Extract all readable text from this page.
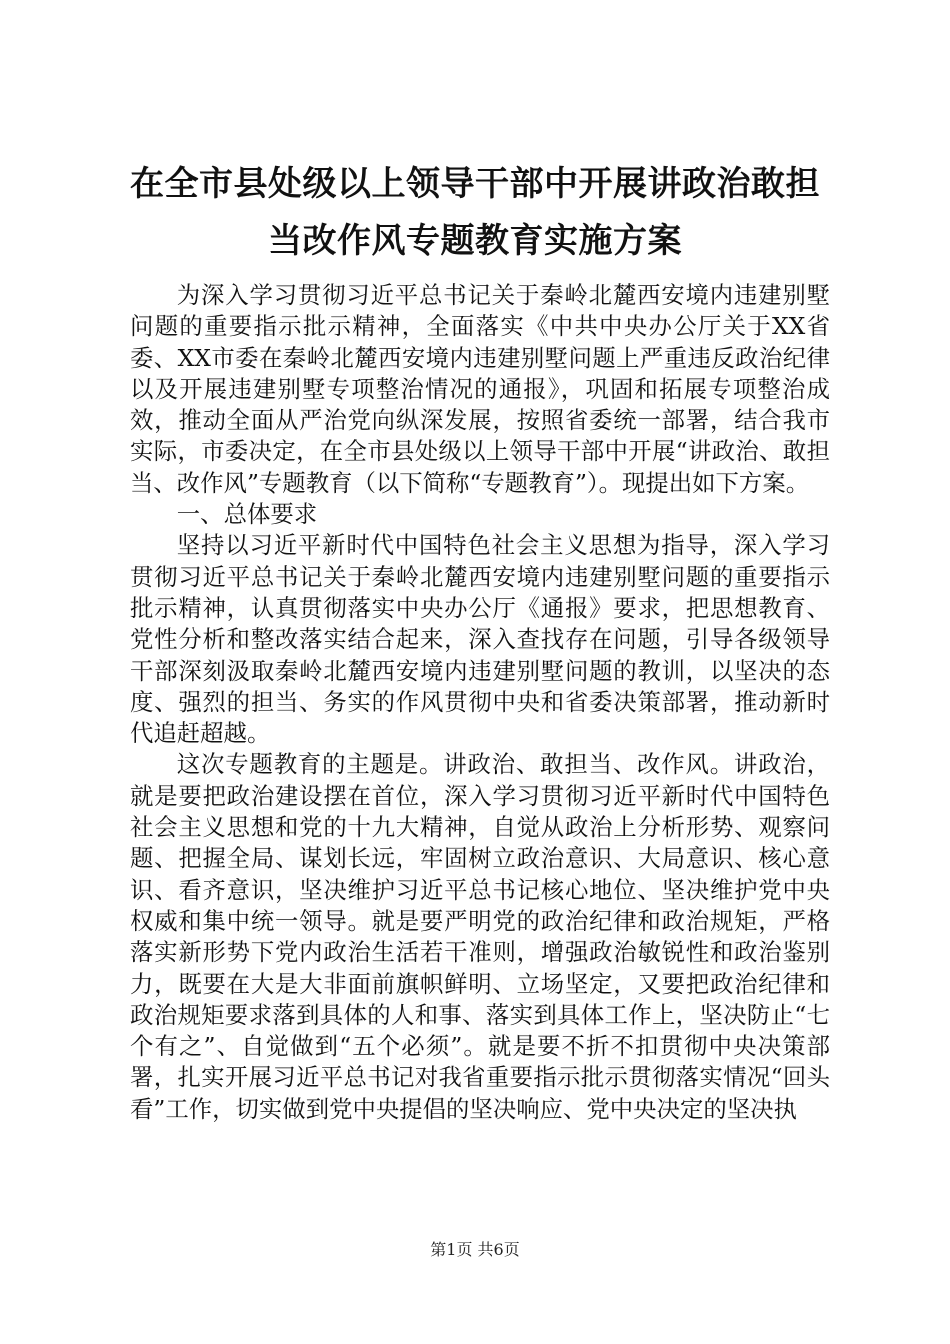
在全市县处级以上领导干部中开展讲政治敢担
当改作风专题教育实施方案

为深入学习贯彻习近平总书记关于秦岭北麓西安境内违建别墅问题的重要指示批示精神，全面落实《中共中央办公厅关于XX省委、XX市委在秦岭北麓西安境内违建别墅问题上严重违反政治纪律以及开展违建别墅专项整治情况的通报》，巩固和拓展专项整治成效，推动全面从严治党向纵深发展，按照省委统一部署，结合我市实际，市委决定，在全市县处级以上领导干部中开展“讲政治、敢担当、改作风”专题教育（以下简称“专题教育”）。现提出如下方案。

一、总体要求

坚持以习近平新时代中国特色社会主义思想为指导，深入学习贯彻习近平总书记关于秦岭北麓西安境内违建别墅问题的重要指示批示精神，认真贯彻落实中央办公厅《通报》要求，把思想教育、党性分析和整改落实结合起来，深入查找存在问题，引导各级领导干部深刻汲取秦岭北麓西安境内违建别墅问题的教训，以坚决的态度、强烈的担当、务实的作风贯彻中央和省委决策部署，推动新时代追赶超越。

这次专题教育的主题是。讲政治、敢担当、改作风。讲政治，就是要把政治建设摆在首位，深入学习贯彻习近平新时代中国特色社会主义思想和党的十九大精神，自觉从政治上分析形势、观察问题、把握全局、谋划长远，牢固树立政治意识、大局意识、核心意识、看齐意识，坚决维护习近平总书记核心地位、坚决维护党中央权威和集中统一领导。就是要严明党的政治纪律和政治规矩，严格落实新形势下党内政治生活若干准则，增强政治敏锐性和政治鉴别力，既要在大是大非面前旗帜鲜明、立场坚定，又要把政治纪律和政治规矩要求落到具体的人和事、落实到具体工作上，坚决防止“七个有之”、自觉做到“五个必须”。就是要不折不扣贯彻中央决策部署，扎实开展习近平总书记对我省重要指示批示贯彻落实情况“回头看”工作，切实做到党中央提倡的坚决响应、党中央决定的坚决执

第1页 共6页
